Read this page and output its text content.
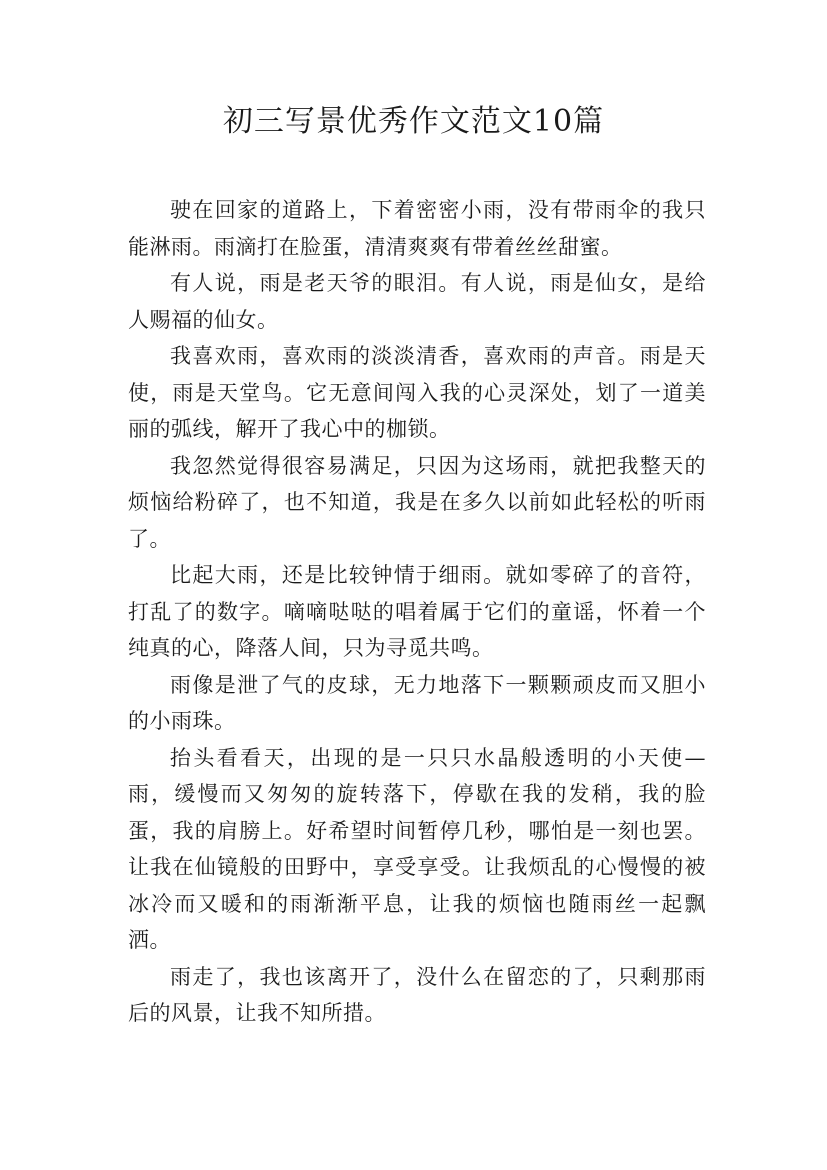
初三写景优秀作文范文10篇

驶在回家的道路上，下着密密小雨，没有带雨伞的我只能淋雨。雨滴打在脸蛋，清清爽爽有带着丝丝甜蜜。

有人说，雨是老天爷的眼泪。有人说，雨是仙女，是给人赐福的仙女。

我喜欢雨，喜欢雨的淡淡清香，喜欢雨的声音。雨是天使，雨是天堂鸟。它无意间闯入我的心灵深处，划了一道美丽的弧线，解开了我心中的枷锁。

我忽然觉得很容易满足，只因为这场雨，就把我整天的烦恼给粉碎了，也不知道，我是在多久以前如此轻松的听雨了。

比起大雨，还是比较钟情于细雨。就如零碎了的音符，打乱了的数字。嘀嘀哒哒的唱着属于它们的童谣，怀着一个纯真的心，降落人间，只为寻觅共鸣。

雨像是泄了气的皮球，无力地落下一颗颗顽皮而又胆小的小雨珠。

抬头看看天，出现的是一只只水晶般透明的小天使—雨，缓慢而又匆匆的旋转落下，停歇在我的发稍，我的脸蛋，我的肩膀上。好希望时间暂停几秒，哪怕是一刻也罢。让我在仙镜般的田野中，享受享受。让我烦乱的心慢慢的被冰冷而又暖和的雨渐渐平息，让我的烦恼也随雨丝一起飘洒。

雨走了，我也该离开了，没什么在留恋的了，只剩那雨后的风景，让我不知所措。
